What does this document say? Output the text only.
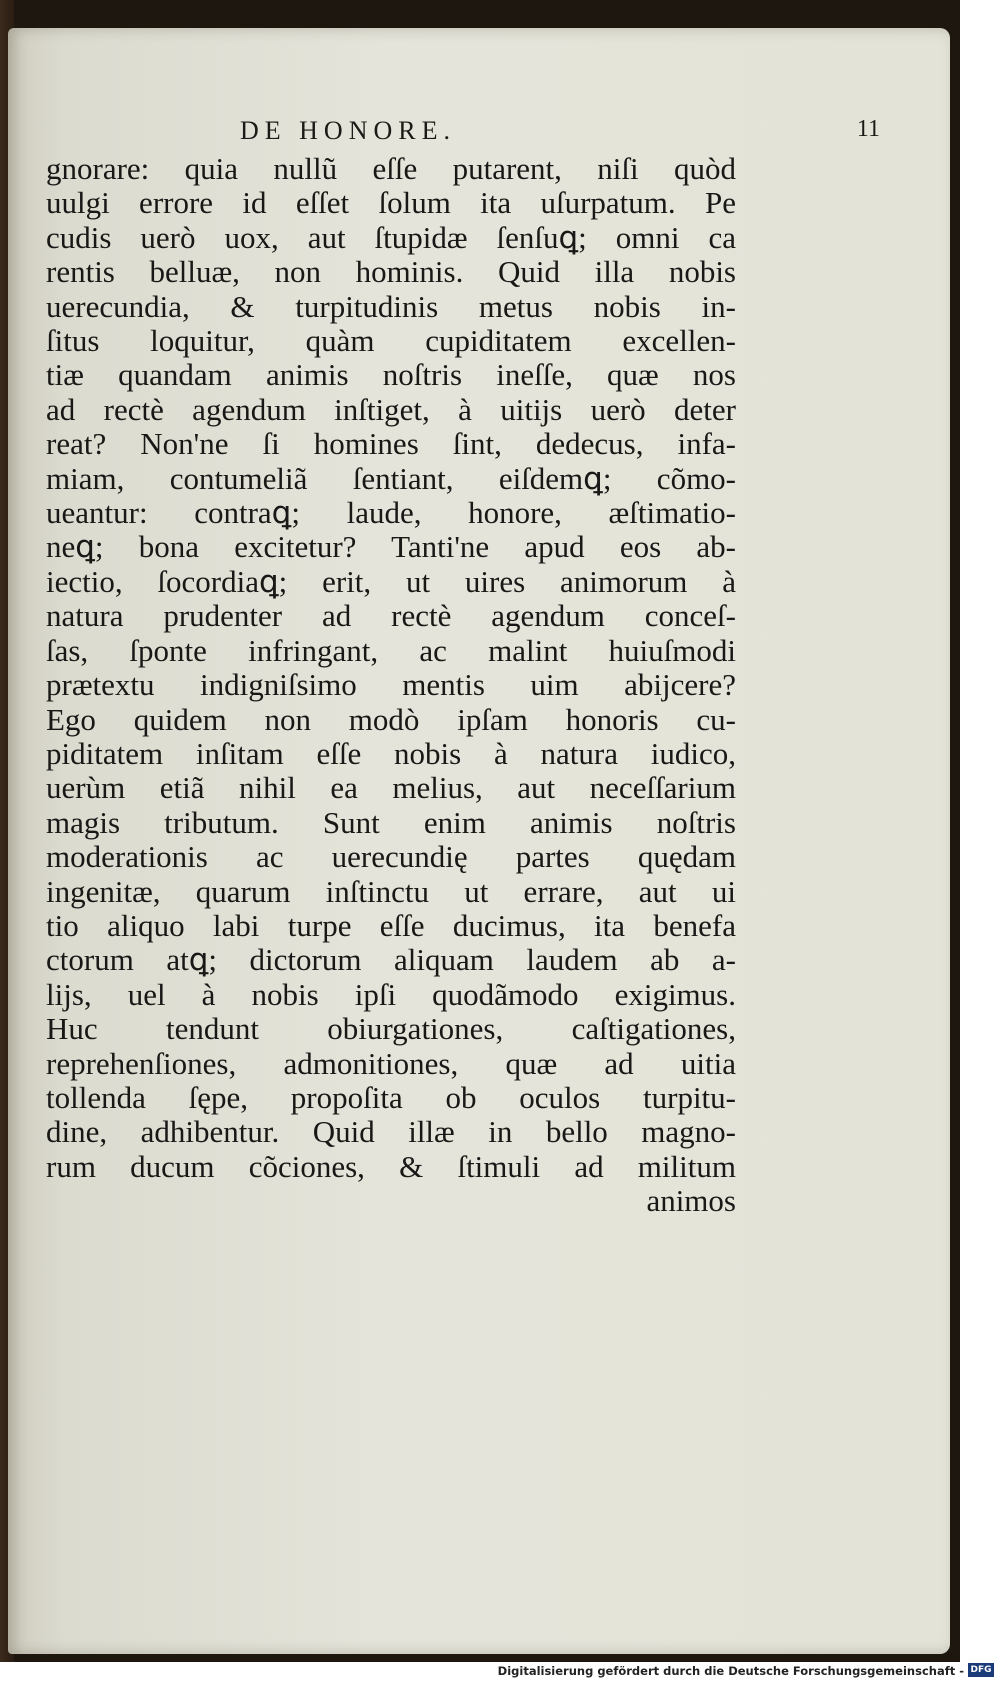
DE HONORE.	11
gnorare: quia nullũ eſſe putarent, niſi quòd
uulgi errore id eſſet ſolum ita uſurpatum. Pe
cudis uerò uox, aut ſtupidæ ſenſuꝗ; omni ca
rentis belluæ, non hominis. Quid illa nobis
uerecundia, & turpitudinis metus nobis in-
ſitus loquitur, quàm cupiditatem excellen-
tiæ quandam animis noſtris ineſſe, quæ nos
ad rectè agendum inſtiget, à uitijs uerò deter
reat? Non'ne ſi homines ſint, dedecus, infa-
miam, contumeliã ſentiant, eiſdemꝗ; cõmo-
ueantur: contraꝗ; laude, honore, æſtimatio-
neꝗ; bona excitetur? Tanti'ne apud eos ab-
iectio, ſocordiaꝗ; erit, ut uires animorum à
natura prudenter ad rectè agendum conceſ-
ſas, ſponte infringant, ac malint huiuſmodi
prætextu indigniſsimo mentis uim abijcere?
Ego quidem non modò ipſam honoris cu-
piditatem inſitam eſſe nobis à natura iudico,
uerùm etiã nihil ea melius, aut neceſſarium
magis tributum. Sunt enim animis noſtris
moderationis ac uerecundię partes quędam
ingenitæ, quarum inſtinctu ut errare, aut ui
tio aliquo labi turpe eſſe ducimus, ita benefa
ctorum atꝗ; dictorum aliquam laudem ab a-
lijs, uel à nobis ipſi quodãmodo exigimus.
Huc tendunt obiurgationes, caſtigationes,
reprehenſiones, admonitiones, quæ ad uitia
tollenda ſępe, propoſita ob oculos turpitu-
dine, adhibentur. Quid illæ in bello magno-
rum ducum cõciones, & ſtimuli ad militum
animos
Digitalisierung gefördert durch die Deutsche Forschungsgemeinschaft - DFG
